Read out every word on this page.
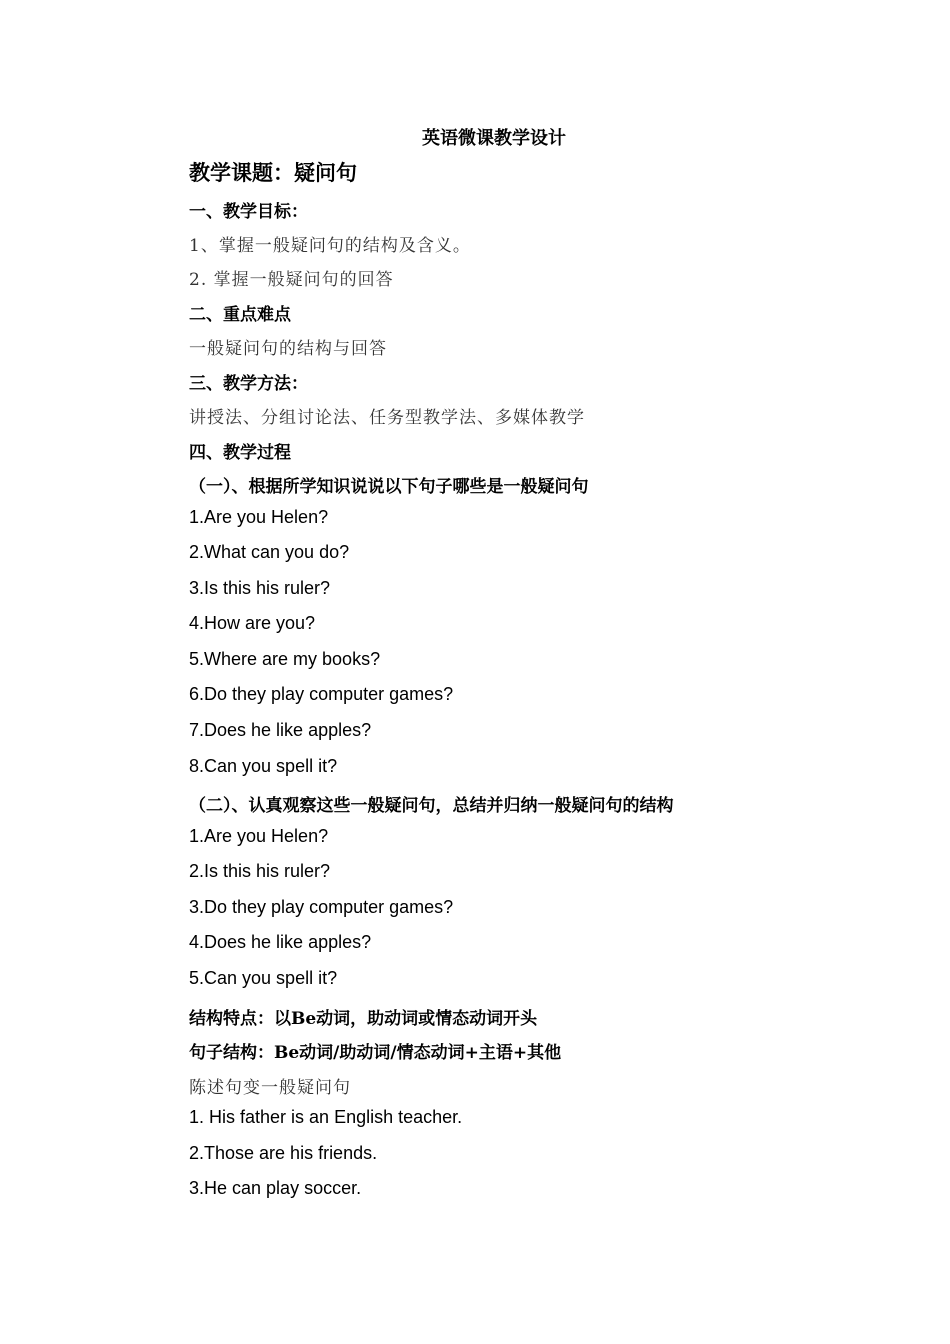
英语微课教学设计
教学课题：疑问句
一、教学目标：
1、掌握一般疑问句的结构及含义。
2. 掌握一般疑问句的回答
二、重点难点
一般疑问句的结构与回答
三、教学方法：
讲授法、分组讨论法、任务型教学法、多媒体教学
四、教学过程
（一）、根据所学知识说说以下句子哪些是一般疑问句
1.Are you Helen?
2.What can you do?
3.Is this his ruler?
4.How are you?
5.Where are my books?
6.Do they play computer games?
7.Does he like apples?
8.Can you spell it?
（二）、认真观察这些一般疑问句，总结并归纳一般疑问句的结构
1.Are you Helen?
2.Is this his ruler?
3.Do they play computer games?
4.Does he like apples?
5.Can you spell it?
结构特点：以Be动词，助动词或情态动词开头
句子结构：Be动词/助动词/情态动词+主语+其他
陈述句变一般疑问句
1. His father is an English teacher.
2.Those are his friends.
3.He can play soccer.
